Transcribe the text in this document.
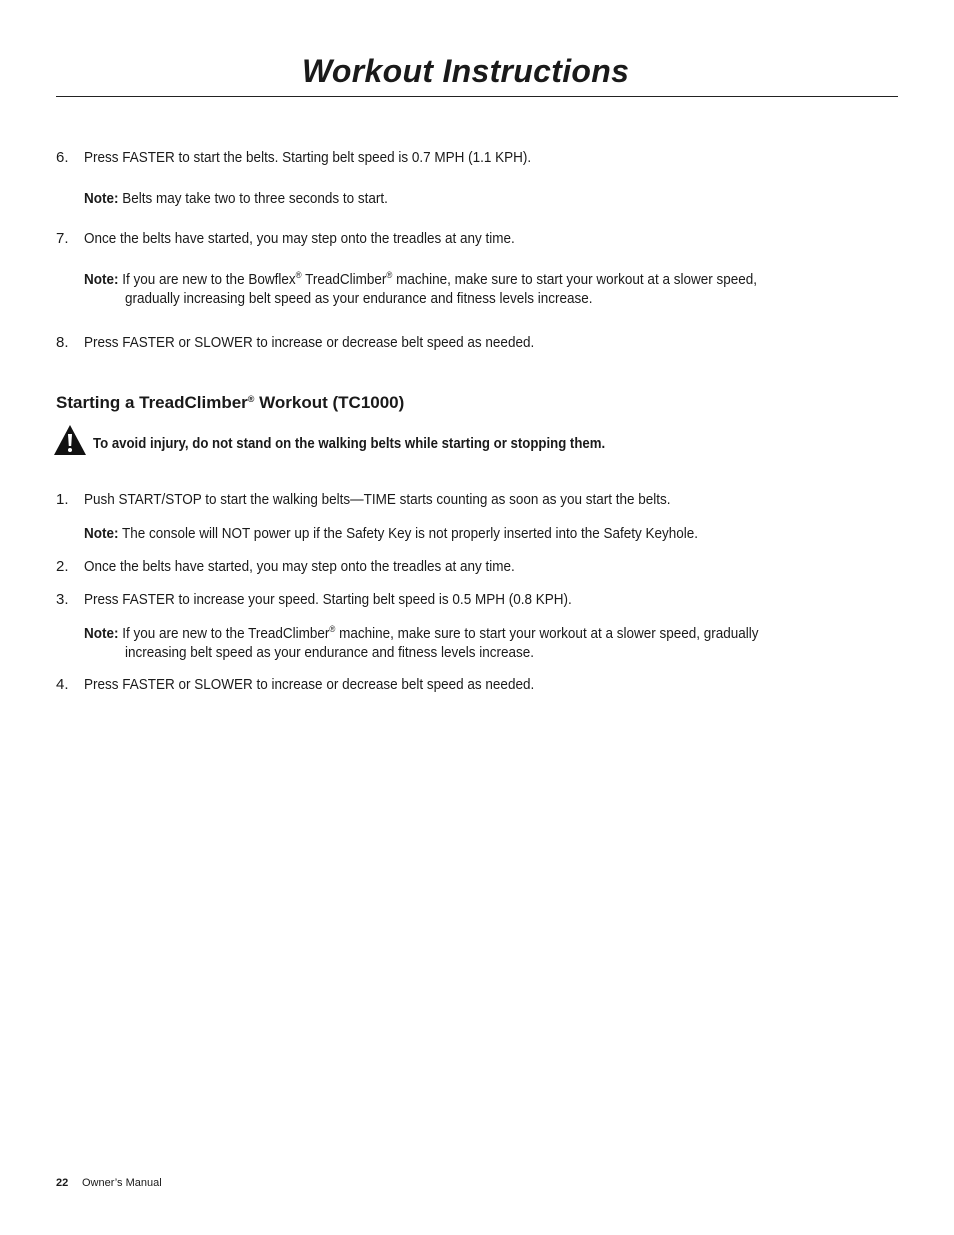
Workout Instructions
6. Press FASTER to start the belts. Starting belt speed is 0.7 MPH (1.1 KPH).
Note: Belts may take two to three seconds to start.
7. Once the belts have started, you may step onto the treadles at any time.
Note: If you are new to the Bowflex® TreadClimber® machine, make sure to start your workout at a slower speed,
gradually increasing belt speed as your endurance and fitness levels increase.
8. Press FASTER or SLOWER to increase or decrease belt speed as needed.
Starting a TreadClimber® Workout (TC1000)
To avoid injury, do not stand on the walking belts while starting or stopping them.
1. Push START/STOP to start the walking belts—TIME starts counting as soon as you start the belts.
Note: The console will NOT power up if the Safety Key is not properly inserted into the Safety Keyhole.
2. Once the belts have started, you may step onto the treadles at any time.
3. Press FASTER to increase your speed. Starting belt speed is 0.5 MPH (0.8 KPH).
Note: If you are new to the TreadClimber® machine, make sure to start your workout at a slower speed, gradually
increasing belt speed as your endurance and fitness levels increase.
4. Press FASTER or SLOWER to increase or decrease belt speed as needed.
22 Owner’s Manual
